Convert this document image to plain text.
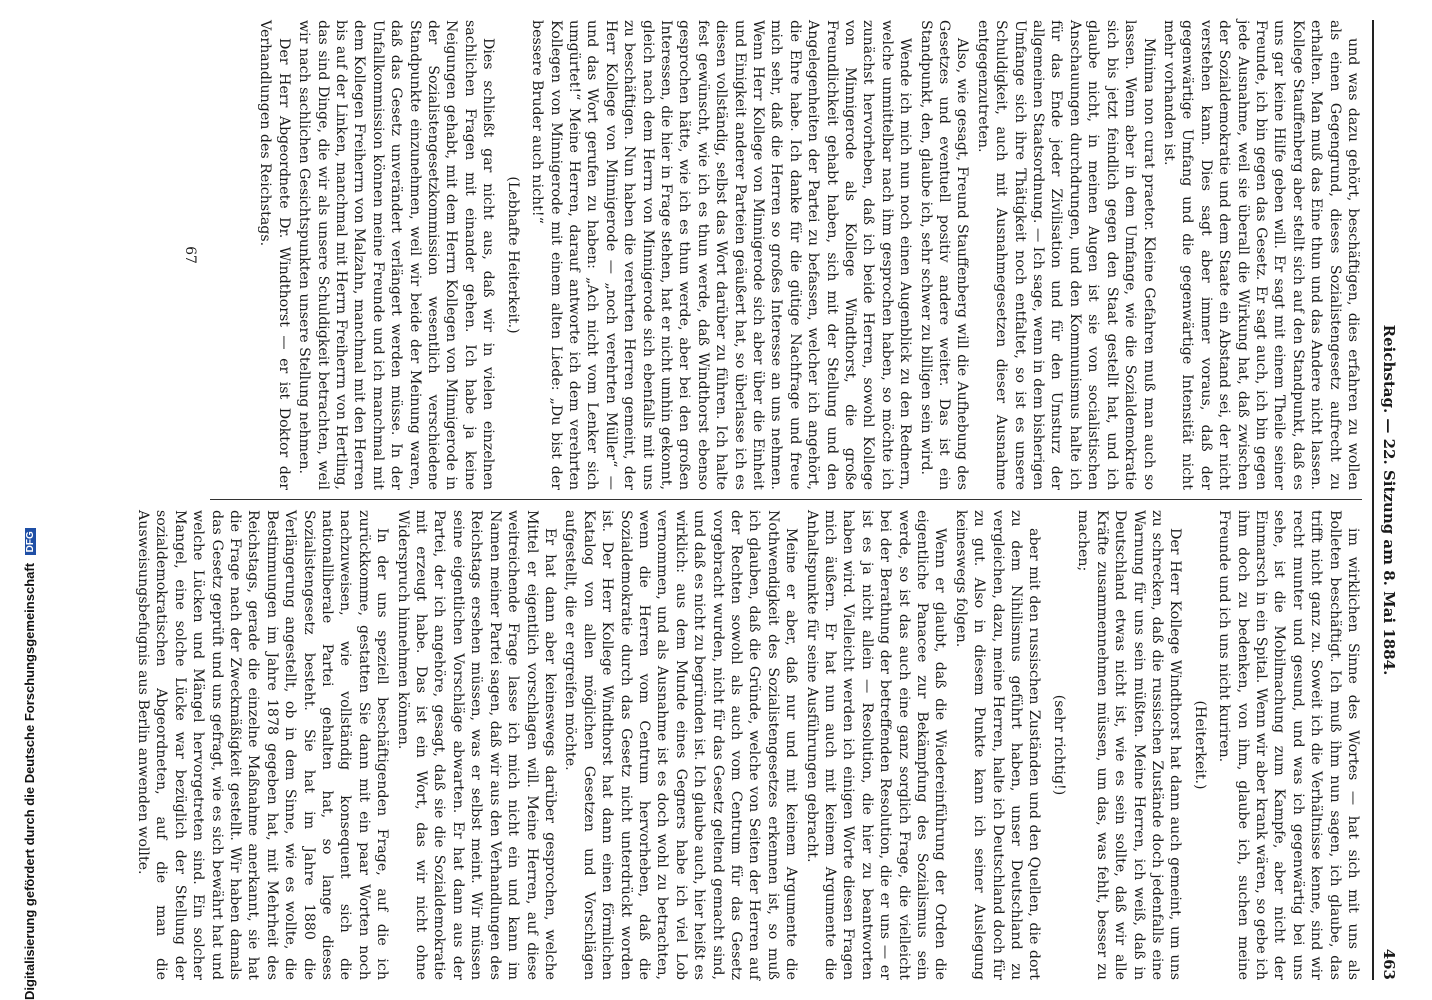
Digitalisierung gefördert durch die Deutsche Forschungsgemeinschaft DFG	Reichstag. — 22. Sitzung am 8. Mai 1884.
463

und was dazu gehört, beschäftigen, dies erfahren zu wollen als einen Gegengrund, dieses Sozialistengesetz aufrecht zu erhalten. Man muß das Eine thun und das Andere nicht lassen. Kollege Stauffenberg aber stellt sich auf den Standpunkt, daß es uns gar keine Hilfe geben will. Er sagt mit einem Theile seiner Freunde, ich bin gegen das Gesetz. Er sagt auch, ich bin gegen jede Ausnahme, weil sie überall die Wirkung hat, daß zwischen der Sozialdemokratie und dem Staate ein Abstand sei, der nicht verstehen kann. Dies sagt aber immer voraus, daß der gegenwärtige Umfang und die gegenwärtige Intensität nicht mehr vorhanden ist.

Minima non curat praetor. Kleine Gefahren muß man auch so lassen. Wenn aber in dem Umfange, wie die Sozialdemokratie sich bis jetzt feindlich gegen den Staat gestellt hat, und ich glaube nicht, in meinen Augen ist sie von socialistischen Anschauungen durchdrungen, und den Kommunismus halte ich für das Ende jeder Zivilisation und für den Umsturz der allgemeinen Staatsordnung. — Ich sage, wenn in dem bisherigen Umfange sich ihre Thätigkeit noch entfaltet, so ist es unsere Schuldigkeit, auch mit Ausnahmegesetzen dieser Ausnahme entgegenzutreten.

Also, wie gesagt, Freund Stauffenberg will die Aufhebung des Gesetzes und eventuell positiv andere weiter. Das ist ein Standpunkt, den, glaube ich, sehr schwer zu billigen sein wird.

Wende ich mich nun noch einen Augenblick zu den Rednern, welche unmittelbar nach ihm gesprochen haben, so möchte ich zunächst hervorheben, daß ich beide Herren, sowohl Kollege von Minnigerode als Kollege Windthorst, die große Freundlichkeit gehabt haben, sich mit der Stellung und den Angelegenheiten der Partei zu befassen, welcher ich angehört, die Ehre habe. Ich danke für die gütige Nachfrage und freue mich sehr, daß die Herren so großes Interesse an uns nehmen. Wenn Herr Kollege von Minnigerode sich aber über die Einheit und Einigkeit anderer Parteien geäußert hat, so überlasse ich es diesen vollständig, selbst das Wort darüber zu führen. Ich halte fest gewünscht, wie ich es thun werde, daß Windthorst ebenso gesprochen hätte, wie ich es thun werde, aber bei den großen Interessen, die hier in Frage stehen, hat er nicht umhin gekonnt, gleich nach dem Herrn von Minnigerode sich ebenfalls mit uns zu beschäftigen. Nun haben die verehrten Herren gemeint, der Herr Kollege von Minnigerode — „noch verehrten Müller“ — und das Wort gerufen zu haben: „Ach nicht vom Lenker sich umgürtet!“ Meine Herren, darauf antworte ich dem verehrten Kollegen von Minnigerode mit einem alten Liede: „Du bist der bessere Bruder auch nicht!“

(Lebhafte Heiterkeit.)

Dies schließt gar nicht aus, daß wir in vielen einzelnen sachlichen Fragen mit einander gehen. Ich habe ja keine Neigungen gehabt, mit dem Herrn Kollegen von Minnigerode in der Sozialistengesetzkommission wesentlich verschiedene Standpunkte einzunehmen, weil wir beide der Meinung waren, daß das Gesetz unverändert verlängert werden müsse. In der Unfallkommission können meine Freunde und ich manchmal mit dem Kollegen Freiherrn von Malzahn, manchmal mit den Herren bis auf der Linken, manchmal mit Herrn Freiherrn von Hertling, das sind Dinge, die wir als unsere Schuldigkeit betrachten, weil wir nach sachlichen Gesichtspunkten unsere Stellung nehmen.

Der Herr Abgeordnete Dr. Windthorst — er ist Doktor der Verhandlungen des Reichstags.

im wirklichen Sinne des Wortes — hat sich mit uns als Bolleten beschäftigt. Ich muß ihm nun sagen, ich glaube, das trifft nicht ganz zu. Soweit ich die Verhältnisse kenne, sind wir recht munter und gesund, und was ich gegenwärtig bei uns sehe, ist die Mobilmachung zum Kampfe, aber nicht der Einmarsch in ein Spital. Wenn wir aber krank wären, so gebe ich ihm doch zu bedenken, von ihm, glaube ich, suchen meine Freunde und ich uns nicht kuriren.

(Heiterkeit.)

Der Herr Kollege Windthorst hat dann auch gemeint, um uns zu schrecken, daß die russischen Zustände doch jedenfalls eine Warnung für uns sein müßten. Meine Herren, ich weiß, daß in Deutschland etwas nicht ist, wie es sein sollte, daß wir alle Kräfte zusammennehmen müssen, um das, was fehlt, besser zu machen;

(sehr richtig!)

aber mit den russischen Zuständen und den Quellen, die dort zu dem Nihilismus geführt haben, unser Deutschland zu vergleichen, dazu, meine Herren, halte ich Deutschland doch für zu gut. Also in diesem Punkte kann ich seiner Auslegung keineswegs folgen.

Wenn er glaubt, daß die Wiedereinführung der Orden die eigentliche Panacee zur Bekämpfung des Sozialismus sein werde, so ist das auch eine ganz sorglich Frage, die vielleicht bei der Berathung der betreffenden Resolution, die er uns — er ist es ja nicht allein — Resolution, die hier zu beantworten haben wird. Vielleicht werden ich einigen Worte diesen Fragen mich äußern. Er hat nun auch mit keinem Argumente die Anhaltspunkte für seine Ausführungen gebracht.

Meine er aber, daß nur und mit keinem Argumente die Nothwendigkeit des Sozialistengesetzes erkennen ist, so muß ich glauben, daß die Gründe, welche von Seiten der Herren auf der Rechten sowohl als auch vom Centrum für das Gesetz vorgebracht wurden, nicht für das Gesetz geltend gemacht sind, und daß es nicht zu begründen ist. Ich glaube auch, hier heißt es wirklich: aus dem Munde eines Gegners habe ich viel Lob vernommen, und als Ausnahme ist es doch wohl zu betrachten, wenn die Herren vom Centrum hervorheben, daß die Sozialdemokratie durch das Gesetz nicht unterdrückt worden ist. Der Herr Kollege Windthorst hat dann einen förmlichen Katalog von allen möglichen Gesetzen und Vorschlägen aufgestellt, die er ergreifen möchte.

Er hat dann aber keineswegs darüber gesprochen, welche Mittel er eigentlich vorschlagen will. Meine Herren, auf diese weitreichende Frage lasse ich mich nicht ein und kann im Namen meiner Partei sagen, daß wir aus den Verhandlungen des Reichstags ersehen müssen, was er selbst meint. Wir müssen seine eigentlichen Vorschläge abwarten. Er hat dann aus der Partei, der ich angehöre, gesagt, daß sie die Sozialdemokratie mit erzeugt habe. Das ist ein Wort, das wir nicht ohne Widerspruch hinnehmen können.

In der uns speziell beschäftigenden Frage, auf die ich zurückkomme, gestatten Sie dann mit ein paar Worten noch nachzuweisen, wie vollständig konsequent sich die nationalliberale Partei gehalten hat, so lange dieses Sozialistengesetz besteht. Sie hat im Jahre 1880 die Verlängerung angestellt, ob in dem Sinne, wie es wollte, die Bestimmungen im Jahre 1878 gegeben hat, mit Mehrheit des Reichstags, gerade die einzelne Maßnahme anerkannt, sie hat die Frage nach der Zweckmäßigkeit gestellt. Wir haben damals das Gesetz geprüft und uns gefragt, wie es sich bewährt hat und welche Lücken und Mängel hervorgetreten sind. Ein solcher Mangel, eine solche Lücke war bezüglich der Stellung der sozialdemokratischen Abgeordneten, auf die man die Ausweisungsbefugnis aus Berlin anwenden wollte.

67
